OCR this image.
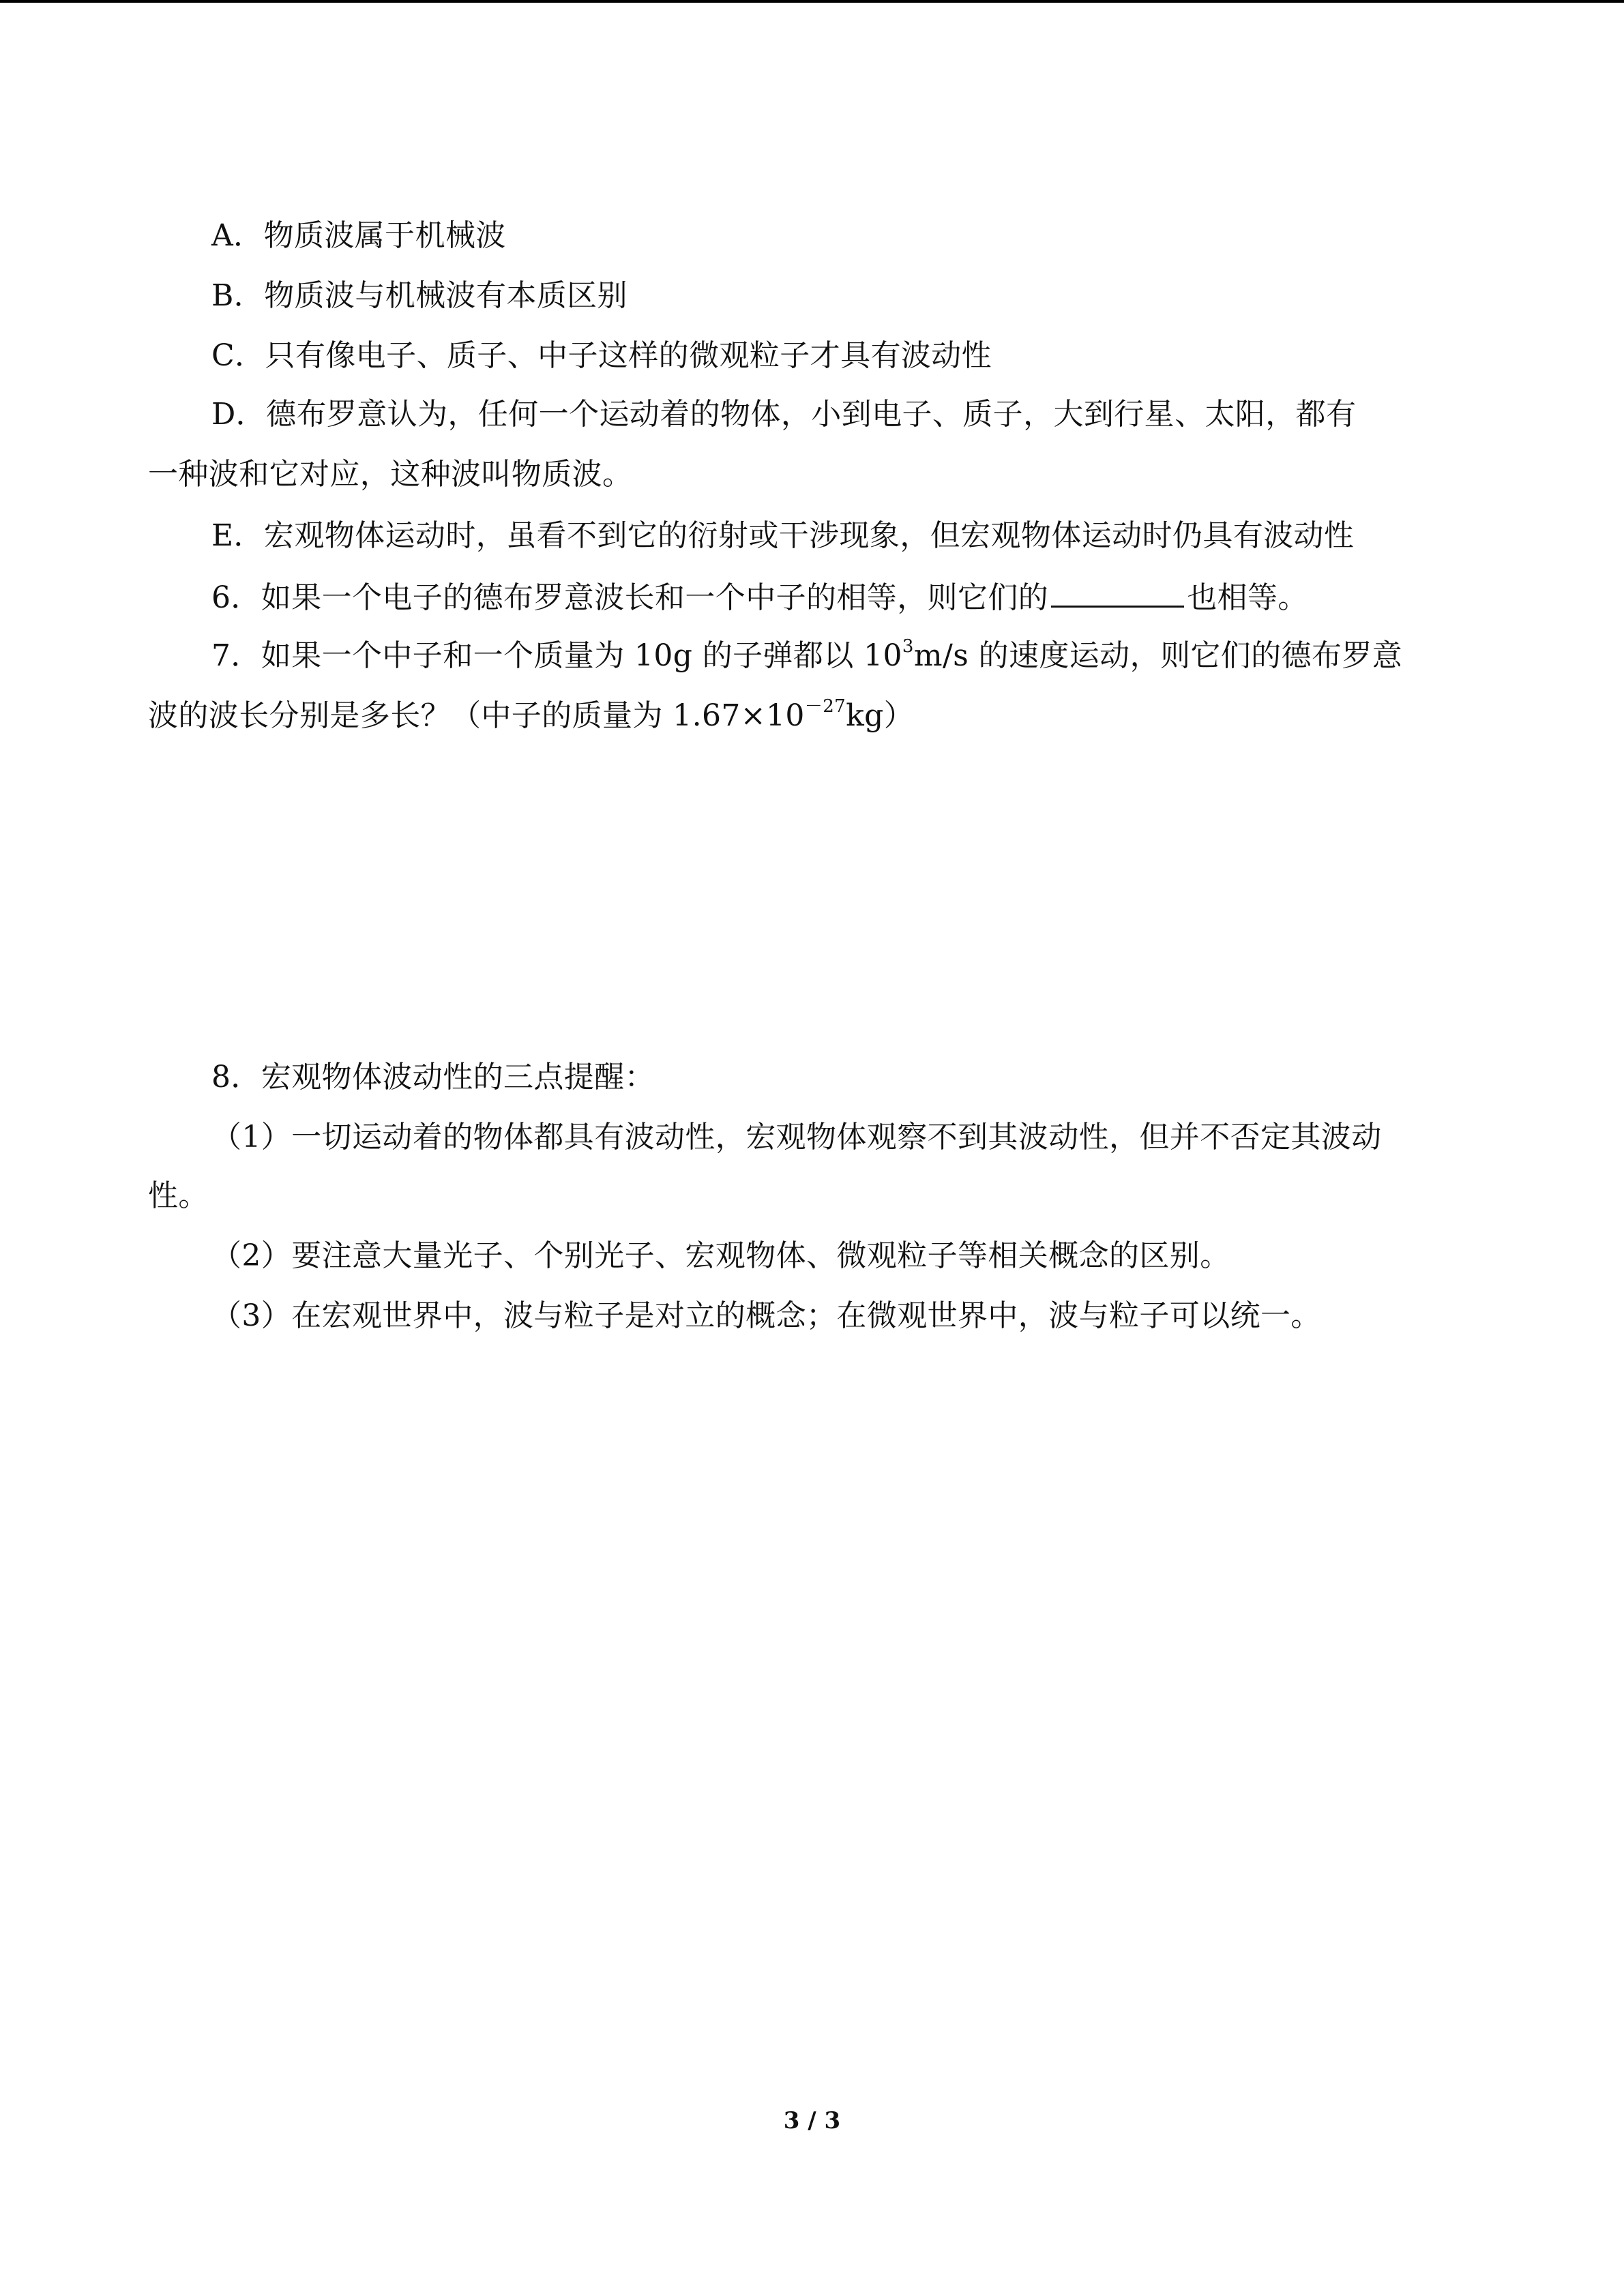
A．物质波属于机械波
B．物质波与机械波有本质区别
C．只有像电子、质子、中子这样的微观粒子才具有波动性
D．德布罗意认为，任何一个运动着的物体，小到电子、质子，大到行星、太阳，都有
一种波和它对应，这种波叫物质波。
E．宏观物体运动时，虽看不到它的衍射或干涉现象，但宏观物体运动时仍具有波动性
6．如果一个电子的德布罗意波长和一个中子的相等，则它们的	也相等。
7．如果一个中子和一个质量为 10g 的子弹都以 $10^3m/s$ 的速度运动，则它们的德布罗意
波的波长分别是多长？（中子的质量为 $1.67\times 10^{-27}kg$）
8．宏观物体波动性的三点提醒：
（1）一切运动着的物体都具有波动性，宏观物体观察不到其波动性，但并不否定其波动
性。
（2）要注意大量光子、个别光子、宏观物体、微观粒子等相关概念的区别。
（3）在宏观世界中，波与粒子是对立的概念；在微观世界中，波与粒子可以统一。
3 / 3
